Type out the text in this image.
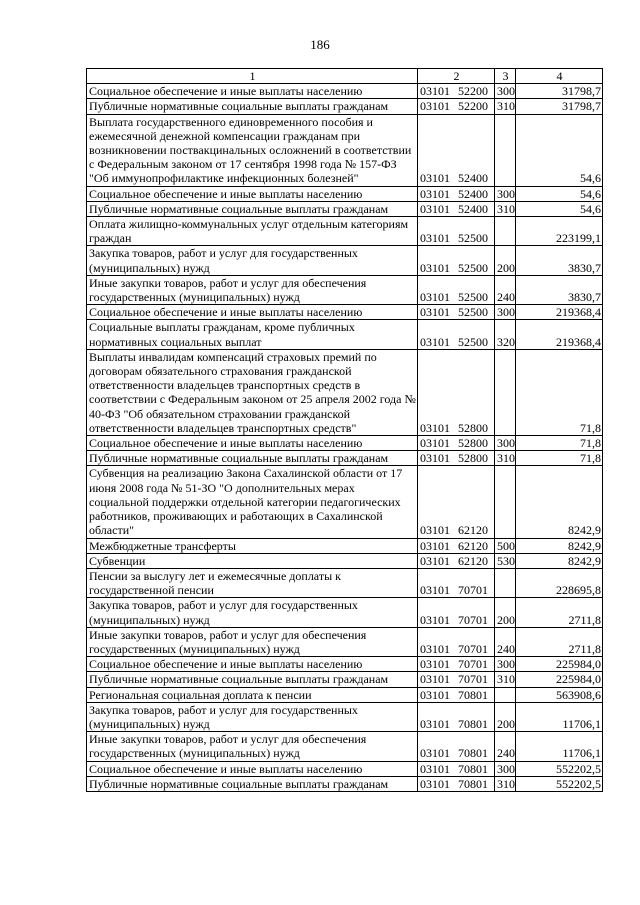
186
1	2	3	4
Социальное обеспечение и иные выплаты населению	03101 52200	300	31798,7
Публичные нормативные социальные выплаты гражданам	03101 52200	310	31798,7
Выплата государственного единовременного пособия и ежемесячной денежной компенсации гражданам при возникновении поствакцинальных осложнений в соответствии с Федеральным законом от 17 сентября 1998 года № 157-ФЗ "Об иммунопрофилактике инфекционных болезней"	03101 52400		54,6
Социальное обеспечение и иные выплаты населению	03101 52400	300	54,6
Публичные нормативные социальные выплаты гражданам	03101 52400	310	54,6
Оплата жилищно-коммунальных услуг отдельным категориям граждан	03101 52500		223199,1
Закупка товаров, работ и услуг для государственных (муниципальных) нужд	03101 52500	200	3830,7
Иные закупки товаров, работ и услуг для обеспечения государственных (муниципальных) нужд	03101 52500	240	3830,7
Социальное обеспечение и иные выплаты населению	03101 52500	300	219368,4
Социальные выплаты гражданам, кроме публичных нормативных социальных выплат	03101 52500	320	219368,4
Выплаты инвалидам компенсаций страховых премий по договорам обязательного страхования гражданской ответственности владельцев транспортных средств в соответствии с Федеральным законом от 25 апреля 2002 года № 40-ФЗ "Об обязательном страховании гражданской ответственности владельцев транспортных средств"	03101 52800		71,8
Социальное обеспечение и иные выплаты населению	03101 52800	300	71,8
Публичные нормативные социальные выплаты гражданам	03101 52800	310	71,8
Субвенция на реализацию Закона Сахалинской области от 17 июня 2008 года № 51-ЗО "О дополнительных мерах социальной поддержки отдельной категории педагогических работников, проживающих и работающих в Сахалинской области"	03101 62120		8242,9
Межбюджетные трансферты	03101 62120	500	8242,9
Субвенции	03101 62120	530	8242,9
Пенсии за выслугу лет и ежемесячные доплаты к государственной пенсии	03101 70701		228695,8
Закупка товаров, работ и услуг для государственных (муниципальных) нужд	03101 70701	200	2711,8
Иные закупки товаров, работ и услуг для обеспечения государственных (муниципальных) нужд	03101 70701	240	2711,8
Социальное обеспечение и иные выплаты населению	03101 70701	300	225984,0
Публичные нормативные социальные выплаты гражданам	03101 70701	310	225984,0
Региональная социальная доплата к пенсии	03101 70801		563908,6
Закупка товаров, работ и услуг для государственных (муниципальных) нужд	03101 70801	200	11706,1
Иные закупки товаров, работ и услуг для обеспечения государственных (муниципальных) нужд	03101 70801	240	11706,1
Социальное обеспечение и иные выплаты населению	03101 70801	300	552202,5
Публичные нормативные социальные выплаты гражданам	03101 70801	310	552202,5
